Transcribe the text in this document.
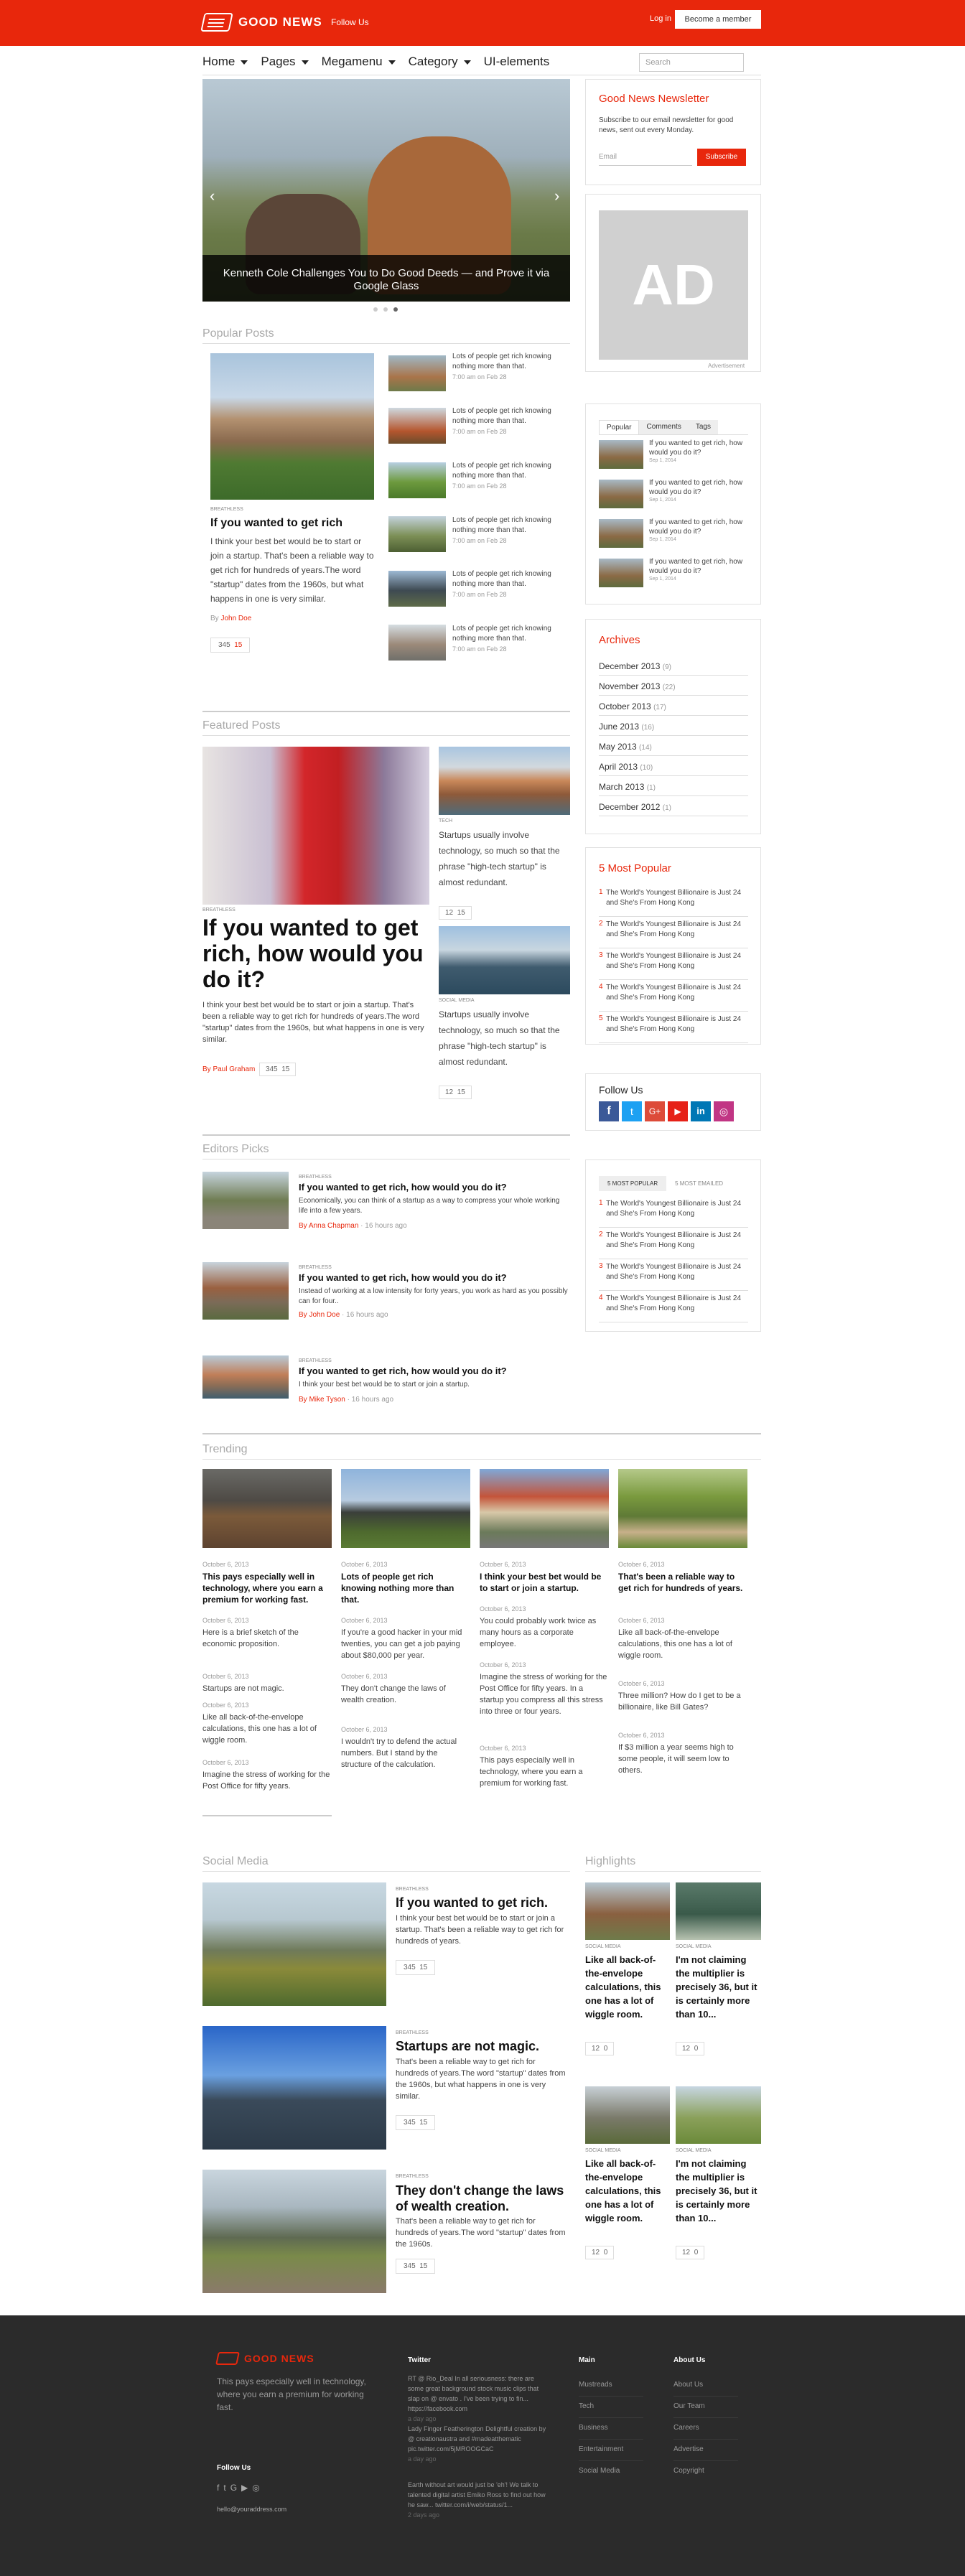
GOOD NEWS Follow Us	Log in	Become a member
Home	Pages	Megamenu	Category	UI-elements	Search
Kenneth Cole Challenges You to Do Good Deeds — and Prove it via Google Glass
‹	›
Good News Newsletter
Subscribe to our email newsletter for good news, sent out every Monday.
Email	Subscribe
AD
Advertisement
Popular Posts
BREATHLESS
If you wanted to get rich
I think your best bet would be to start or join a startup. That's been a reliable way to get rich for hundreds of years.The word "startup" dates from the 1960s, but what happens in one is very similar.
By John Doe
345 15
Lots of people get rich knowing nothing more than that.
7:00 am on Feb 28
Lots of people get rich knowing nothing more than that.
7:00 am on Feb 28
Lots of people get rich knowing nothing more than that.
7:00 am on Feb 28
Lots of people get rich knowing nothing more than that.
7:00 am on Feb 28
Lots of people get rich knowing nothing more than that.
7:00 am on Feb 28
Lots of people get rich knowing nothing more than that.
7:00 am on Feb 28
Popular	Comments	Tags
If you wanted to get rich, how would you do it?
Sep 1, 2014
If you wanted to get rich, how would you do it?
Sep 1, 2014
If you wanted to get rich, how would you do it?
Sep 1, 2014
If you wanted to get rich, how would you do it?
Sep 1, 2014
Archives
December 2013 (9)
November 2013 (22)
October 2013 (17)
June 2013 (16)
May 2013 (14)
April 2013 (10)
March 2013 (1)
December 2012 (1)
5 Most Popular
1 The World's Youngest Billionaire is Just 24 and She's From Hong Kong
2 The World's Youngest Billionaire is Just 24 and She's From Hong Kong
3 The World's Youngest Billionaire is Just 24 and She's From Hong Kong
4 The World's Youngest Billionaire is Just 24 and She's From Hong Kong
5 The World's Youngest Billionaire is Just 24 and She's From Hong Kong
Follow Us
f	t	G+	▶	in	◎
5 MOST POPULAR	5 MOST EMAILED
1 The World's Youngest Billionaire is Just 24 and She's From Hong Kong
2 The World's Youngest Billionaire is Just 24 and She's From Hong Kong
3 The World's Youngest Billionaire is Just 24 and She's From Hong Kong
4 The World's Youngest Billionaire is Just 24 and She's From Hong Kong
Featured Posts
BREATHLESS
If you wanted to get rich, how would you do it?
I think your best bet would be to start or join a startup. That's been a reliable way to get rich for hundreds of years.The word "startup" dates from the 1960s, but what happens in one is very similar.
By Paul Graham 345 15
TECH
Startups usually involve technology, so much so that the phrase "high-tech startup" is almost redundant.
12 15
SOCIAL MEDIA
Startups usually involve technology, so much so that the phrase "high-tech startup" is almost redundant.
12 15
Editors Picks
BREATHLESS
If you wanted to get rich, how would you do it?
Economically, you can think of a startup as a way to compress your whole working life into a few years.
By Anna Chapman · 16 hours ago
BREATHLESS
If you wanted to get rich, how would you do it?
Instead of working at a low intensity for forty years, you work as hard as you possibly can for four..
By John Doe · 16 hours ago
BREATHLESS
If you wanted to get rich, how would you do it?
I think your best bet would be to start or join a startup.
By Mike Tyson · 16 hours ago
Trending
October 6, 2013
This pays especially well in technology, where you earn a premium for working fast.
October 6, 2013
Here is a brief sketch of the economic proposition.
October 6, 2013
Startups are not magic.
October 6, 2013
Like all back-of-the-envelope calculations, this one has a lot of wiggle room.
October 6, 2013
Imagine the stress of working for the Post Office for fifty years.
October 6, 2013
Lots of people get rich knowing nothing more than that.
October 6, 2013
If you're a good hacker in your mid twenties, you can get a job paying about $80,000 per year.
October 6, 2013
They don't change the laws of wealth creation.
October 6, 2013
I wouldn't try to defend the actual numbers. But I stand by the structure of the calculation.
October 6, 2013
I think your best bet would be to start or join a startup.
October 6, 2013
You could probably work twice as many hours as a corporate employee.
October 6, 2013
Imagine the stress of working for the Post Office for fifty years. In a startup you compress all this stress into three or four years.
October 6, 2013
This pays especially well in technology, where you earn a premium for working fast.
October 6, 2013
That's been a reliable way to get rich for hundreds of years.
October 6, 2013
Like all back-of-the-envelope calculations, this one has a lot of wiggle room.
October 6, 2013
Three million? How do I get to be a billionaire, like Bill Gates?
October 6, 2013
If $3 million a year seems high to some people, it will seem low to others.
Social Media
BREATHLESS
If you wanted to get rich.
I think your best bet would be to start or join a startup. That's been a reliable way to get rich for hundreds of years.
345 15
BREATHLESS
Startups are not magic.
That's been a reliable way to get rich for hundreds of years.The word "startup" dates from the 1960s, but what happens in one is very similar.
345 15
BREATHLESS
They don't change the laws of wealth creation.
That's been a reliable way to get rich for hundreds of years.The word "startup" dates from the 1960s.
345 15
Highlights
SOCIAL MEDIA
Like all back-of-the-envelope calculations, this one has a lot of wiggle room.
12 0
SOCIAL MEDIA
I'm not claiming the multiplier is precisely 36, but it is certainly more than 10...
12 0
SOCIAL MEDIA
Like all back-of-the-envelope calculations, this one has a lot of wiggle room.
12 0
SOCIAL MEDIA
I'm not claiming the multiplier is precisely 36, but it is certainly more than 10...
12 0
GOOD NEWS
This pays especially well in technology, where you earn a premium for working fast.
Follow Us
f t G ▶ ◎
hello@youraddress.com
Twitter
RT @ Rio_Deal In all seriousness: there are some great background stock music clips that slap on @ envato . I've been trying to fin... https://facebook.com
a day ago
Lady Finger Featherington Delightful creation by @ creationaustra and #madeatthematic pic.twitter.com/5jMROOGCaC
a day ago
Earth without art would just be 'eh'! We talk to talented digital artist Emiko Ross to find out how he saw... twitter.com/i/web/status/1...
2 days ago
Main
Mustreads
Tech
Business
Entertainment
Social Media
About Us
About Us
Our Team
Careers
Advertise
Copyright
